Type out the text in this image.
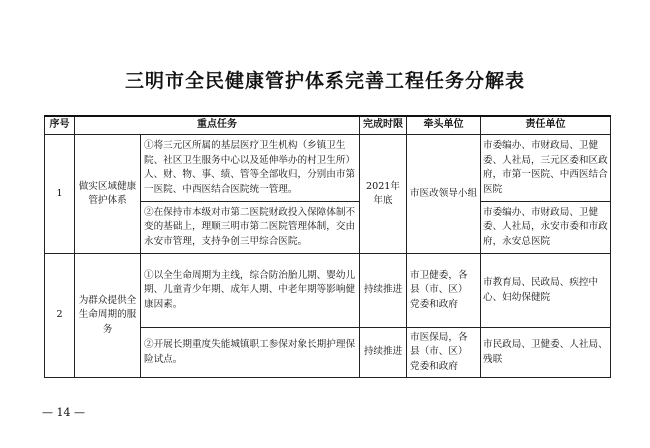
三明市全民健康管护体系完善工程任务分解表
序号	重点任务		完成时限	牵头单位	责任单位
1	做实区域健康管护体系	①将三元区所属的基层医疗卫生机构（乡镇卫生院、社区卫生服务中心以及延伸举办的村卫生所）人、财、物、事、绩、管等全部收归，分别由市第一医院、中西医结合医院统一管理。	2021年年底	市医改领导小组	市委编办、市财政局、卫健委、人社局，三元区委和区政府，市第一医院、中西医结合医院
		②在保持市本级对市第二医院财政投入保障体制不变的基础上，理顺三明市第二医院管理体制，交由永安市管理，支持争创三甲综合医院。			市委编办、市财政局、卫健委、人社局，永安市委和市政府，永安总医院
2	为群众提供全生命周期的服务	①以全生命周期为主线，综合防治胎儿期、婴幼儿期、儿童青少年期、成年人期、中老年期等影响健康因素。	持续推进	市卫健委，各县（市、区）党委和政府	市教育局、民政局、疾控中心、妇幼保健院
		②开展长期重度失能城镇职工参保对象长期护理保险试点。	持续推进	市医保局，各县（市、区）党委和政府	市民政局、卫健委、人社局、残联
— 14 —
